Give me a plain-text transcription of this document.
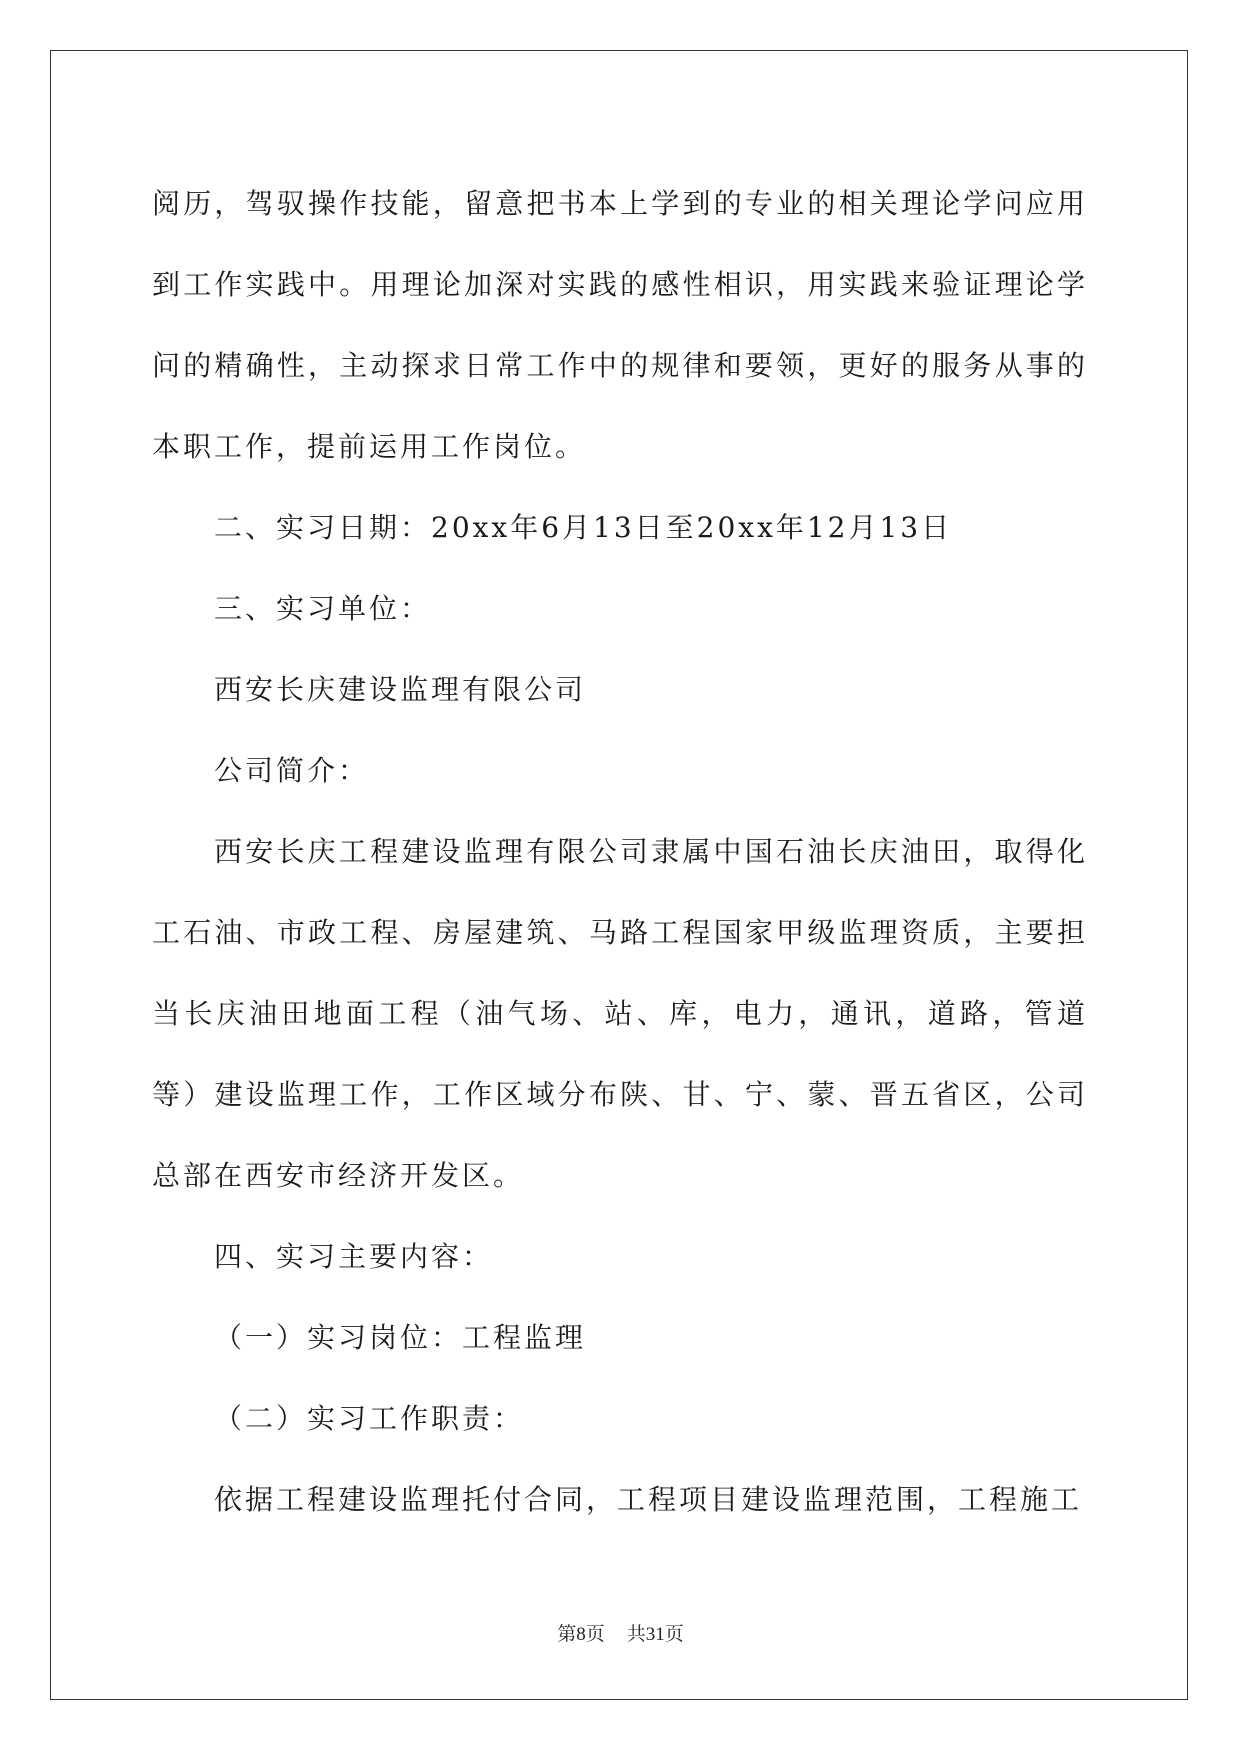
阅历，驾驭操作技能，留意把书本上学到的专业的相关理论学问应用到工作实践中。用理论加深对实践的感性相识，用实践来验证理论学问的精确性，主动探求日常工作中的规律和要领，更好的服务从事的本职工作，提前运用工作岗位。

二、实习日期：20xx年6月13日至20xx年12月13日

三、实习单位：

西安长庆建设监理有限公司

公司简介：

西安长庆工程建设监理有限公司隶属中国石油长庆油田，取得化工石油、市政工程、房屋建筑、马路工程国家甲级监理资质，主要担当长庆油田地面工程（油气场、站、库，电力，通讯，道路，管道等）建设监理工作，工作区域分布陕、甘、宁、蒙、晋五省区，公司总部在西安市经济开发区。

四、实习主要内容：

（一）实习岗位：工程监理

（二）实习工作职责：

依据工程建设监理托付合同，工程项目建设监理范围，工程施工

第8页 共31页
